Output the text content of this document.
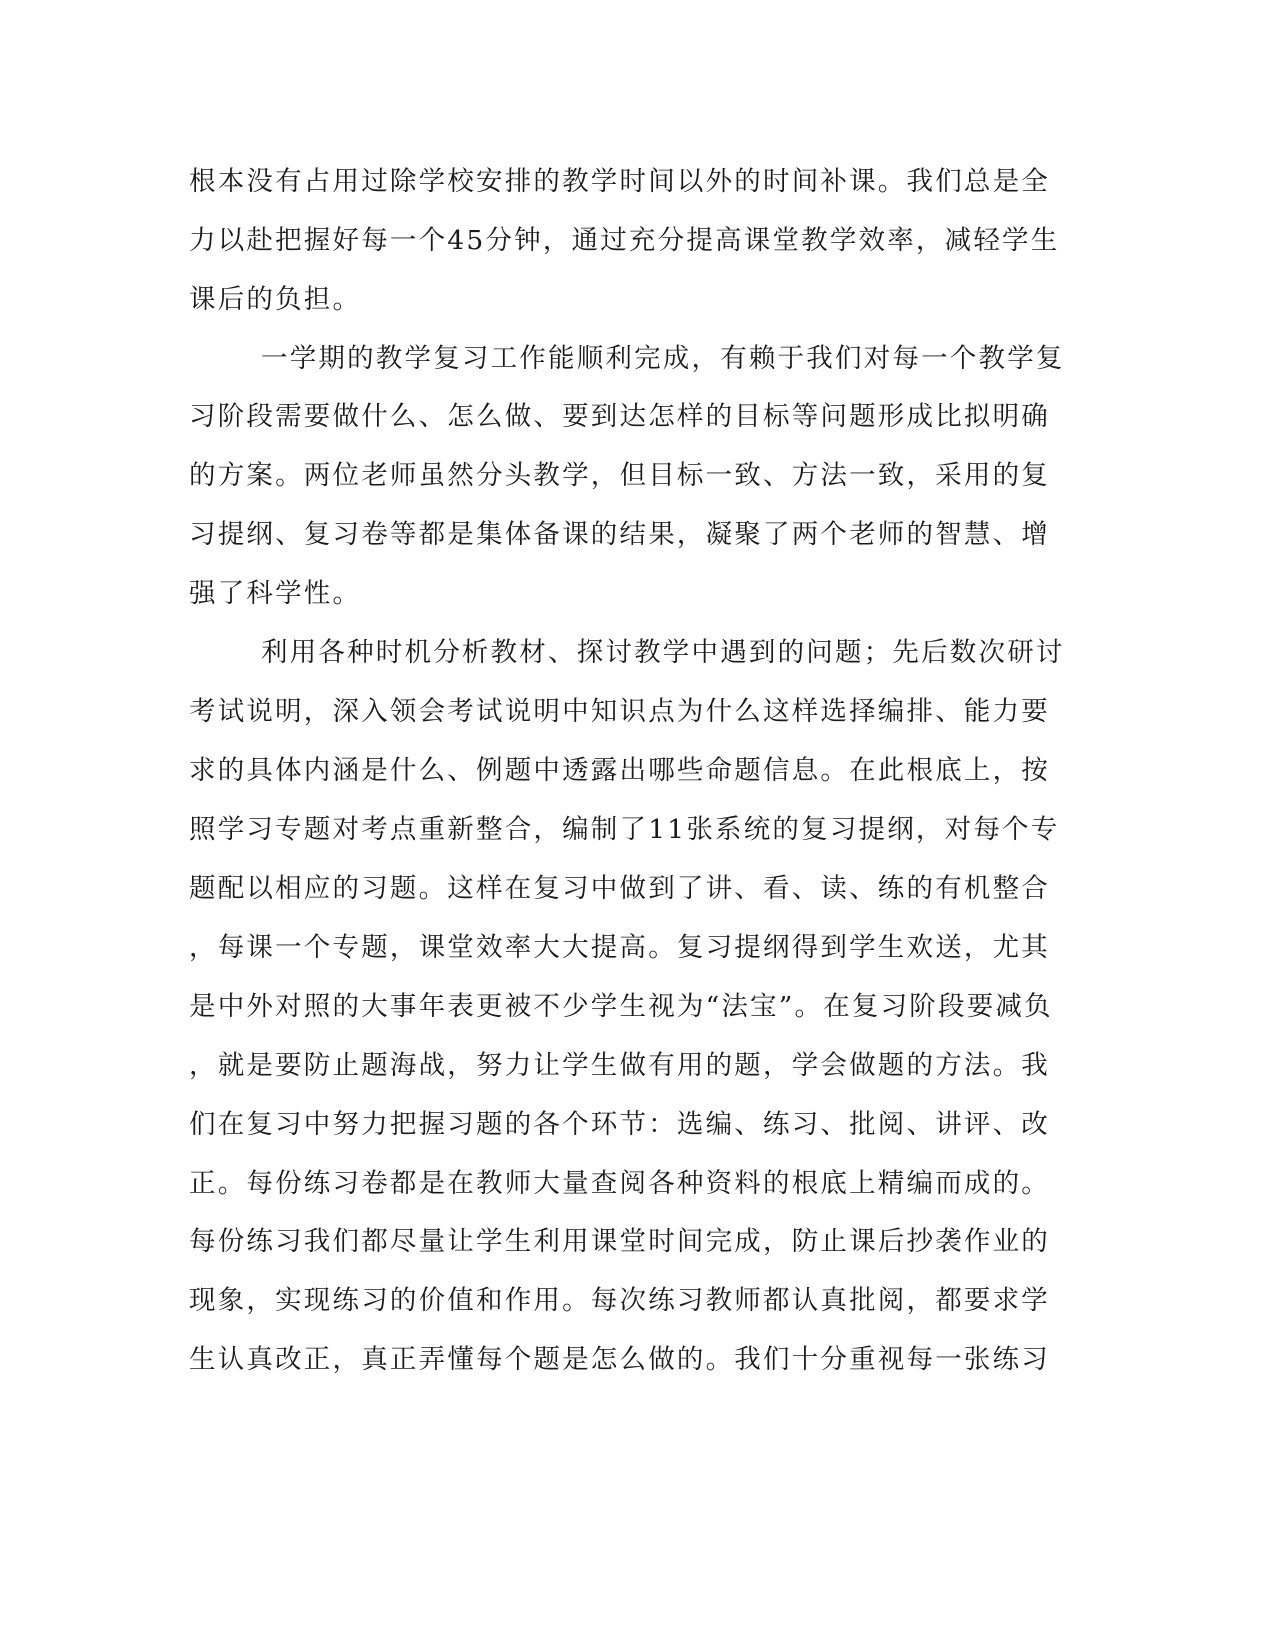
根本没有占用过除学校安排的教学时间以外的时间补课。我们总是全

力以赴把握好每一个45分钟，通过充分提高课堂教学效率，减轻学生

课后的负担。

一学期的教学复习工作能顺利完成，有赖于我们对每一个教学复

习阶段需要做什么、怎么做、要到达怎样的目标等问题形成比拟明确

的方案。两位老师虽然分头教学，但目标一致、方法一致，采用的复

习提纲、复习卷等都是集体备课的结果，凝聚了两个老师的智慧、增

强了科学性。

利用各种时机分析教材、探讨教学中遇到的问题；先后数次研讨

考试说明，深入领会考试说明中知识点为什么这样选择编排、能力要

求的具体内涵是什么、例题中透露出哪些命题信息。在此根底上，按

照学习专题对考点重新整合，编制了11张系统的复习提纲，对每个专

题配以相应的习题。这样在复习中做到了讲、看、读、练的有机整合

，每课一个专题，课堂效率大大提高。复习提纲得到学生欢送，尤其

是中外对照的大事年表更被不少学生视为“法宝”。在复习阶段要减负

，就是要防止题海战，努力让学生做有用的题，学会做题的方法。我

们在复习中努力把握习题的各个环节：选编、练习、批阅、讲评、改

正。每份练习卷都是在教师大量查阅各种资料的根底上精编而成的。

每份练习我们都尽量让学生利用课堂时间完成，防止课后抄袭作业的

现象，实现练习的价值和作用。每次练习教师都认真批阅，都要求学

生认真改正，真正弄懂每个题是怎么做的。我们十分重视每一张练习
